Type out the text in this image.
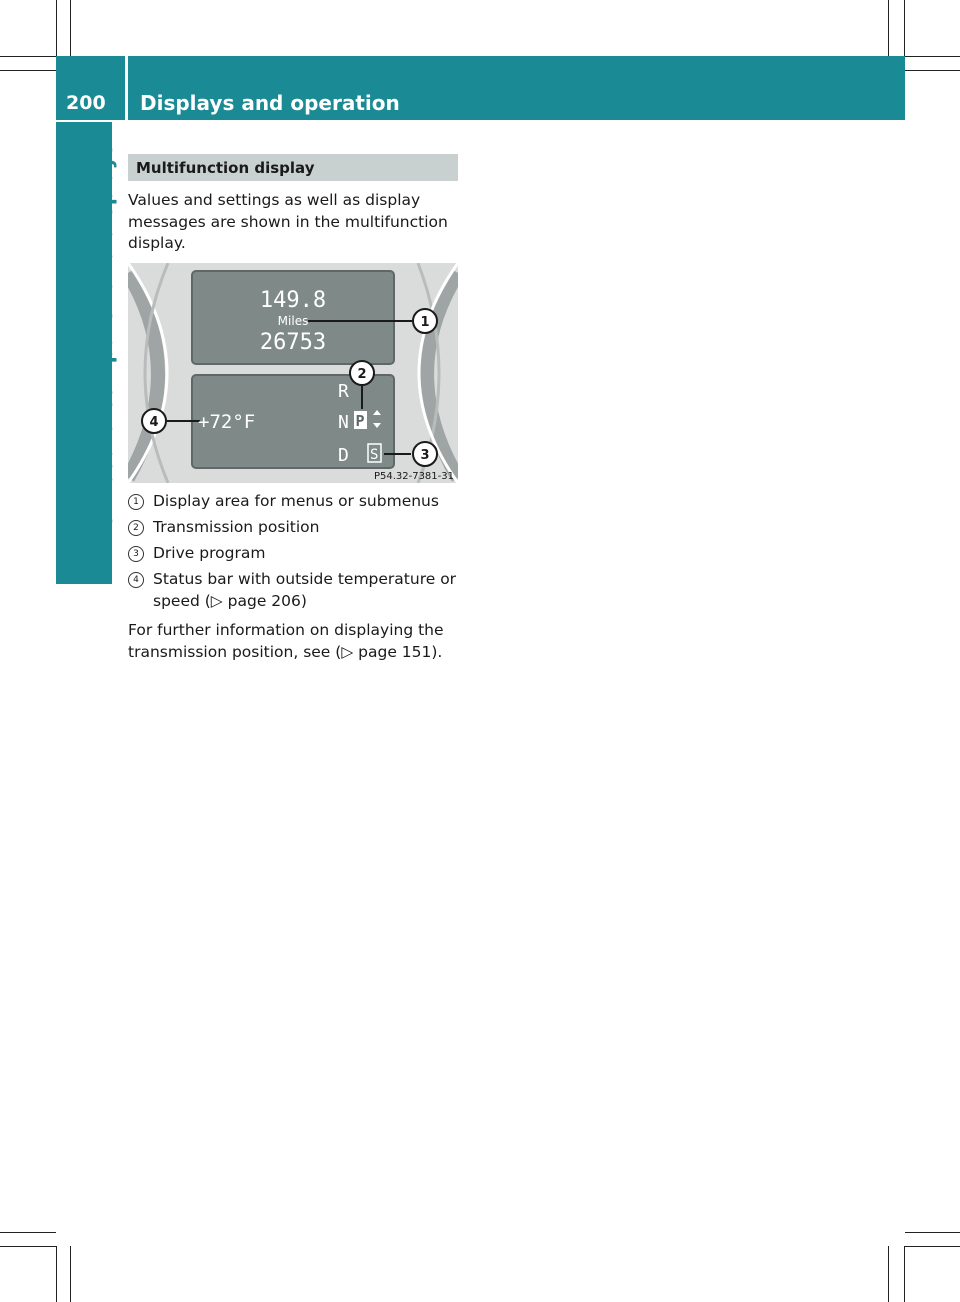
200 Displays and operation
On-board computer and displays Multifunction display
Values and settings as well as display messages are shown in the multifunction display.
149.8
Miles
26753
+72°F
R
N P
D S
1
2
3
4
P54.32-7381-31
1 Display area for menus or submenus
2 Transmission position
3 Drive program
4 Status bar with outside temperature or speed (▷ page 206)
For further information on displaying the transmission position, see (▷ page 151).
